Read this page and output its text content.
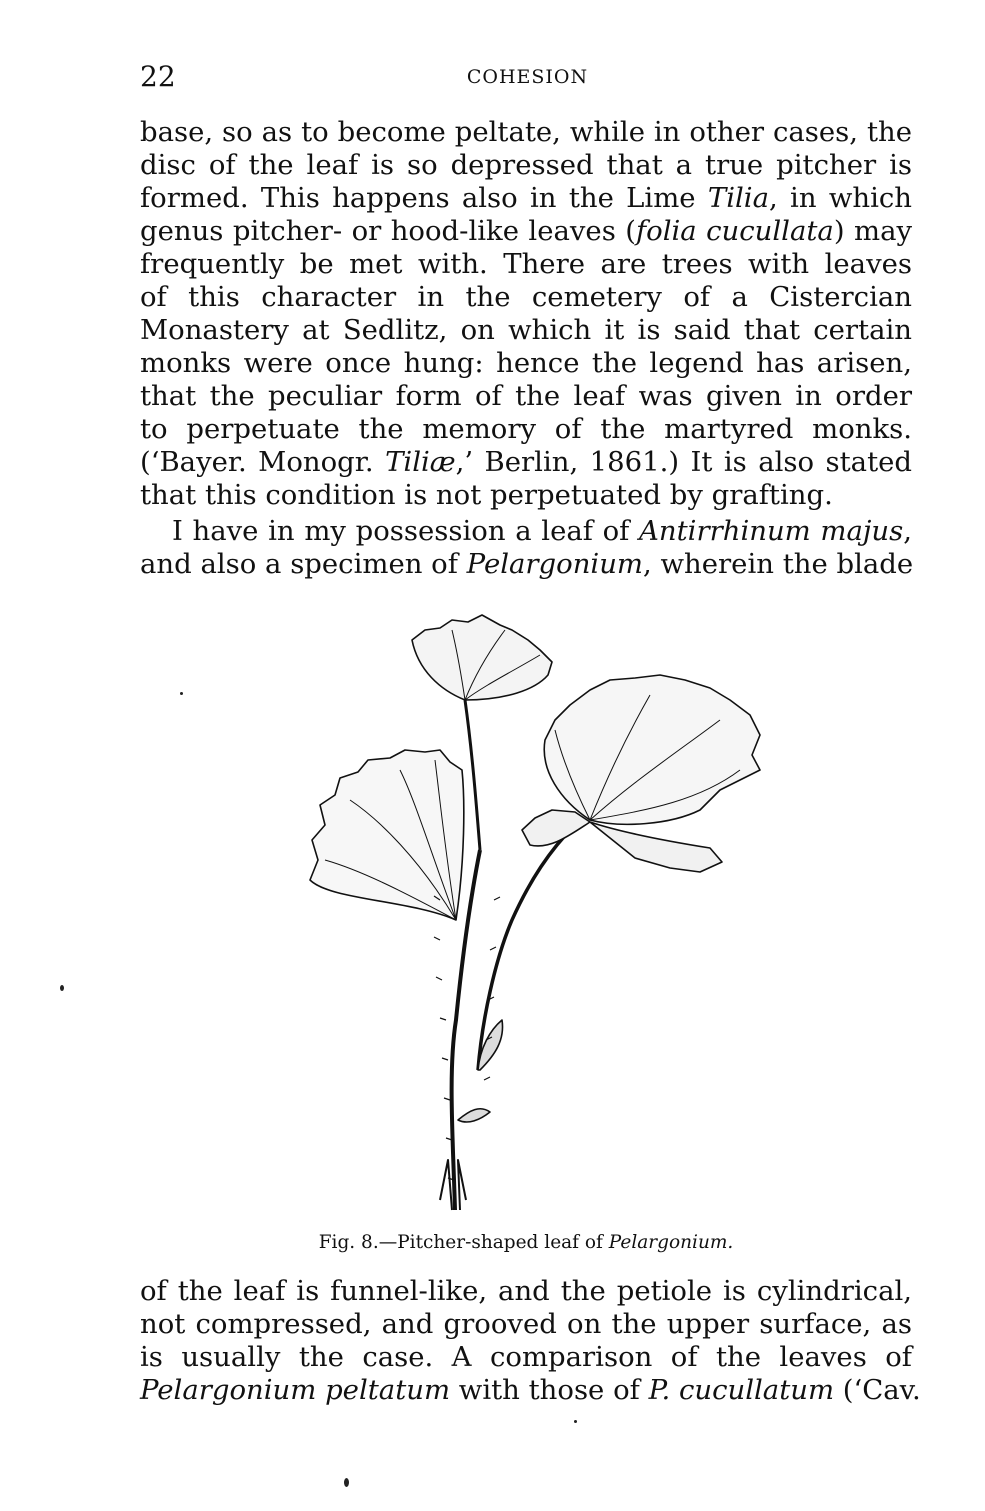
22	COHESION

base, so as to become peltate, while in other cases, the
disc of the leaf is so depressed that a true pitcher is
formed. This happens also in the Lime Tilia, in which
genus pitcher- or hood-like leaves (folia cucullata) may
frequently be met with. There are trees with leaves
of this character in the cemetery of a Cistercian
Monastery at Sedlitz, on which it is said that certain
monks were once hung: hence the legend has arisen,
that the peculiar form of the leaf was given in order
to perpetuate the memory of the martyred monks.
(‘Bayer. Monogr. Tiliæ,’ Berlin, 1861.) It is also stated
that this condition is not perpetuated by grafting.

I have in my possession a leaf of Antirrhinum majus,
and also a specimen of Pelargonium, wherein the blade

Fig. 8.—Pitcher-shaped leaf of Pelargonium.

of the leaf is funnel-like, and the petiole is cylindrical,
not compressed, and grooved on the upper surface, as
is usually the case. A comparison of the leaves of
Pelargonium peltatum with those of P. cucullatum (‘Cav.
